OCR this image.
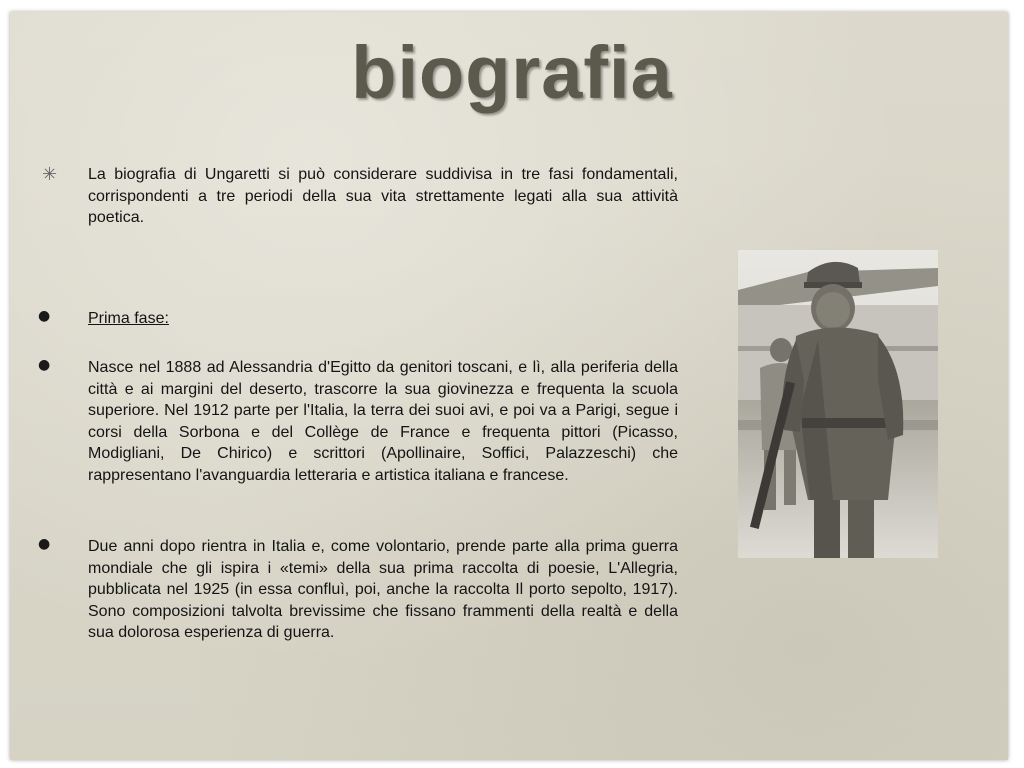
biografia
✳ La biografia di Ungaretti si può considerare suddivisa in tre fasi fondamentali, corrispondenti a tre periodi della sua vita strettamente legati alla sua attività poetica.

● Prima fase:

● Nasce nel 1888 ad Alessandria d'Egitto da genitori toscani, e lì, alla periferia della città e ai margini del deserto, trascorre la sua giovinezza e frequenta la scuola superiore. Nel 1912 parte per l'Italia, la terra dei suoi avi, e poi va a Parigi, segue i corsi della Sorbona e del Collège de France e frequenta pittori (Picasso, Modigliani, De Chirico) e scrittori (Apollinaire, Soffici, Palazzeschi) che rappresentano l'avanguardia letteraria e artistica italiana e francese.

● Due anni dopo rientra in Italia e, come volontario, prende parte alla prima guerra mondiale che gli ispira i «temi» della sua prima raccolta di poesie, L'Allegria, pubblicata nel 1925 (in essa confluì, poi, anche la raccolta Il porto sepolto, 1917). Sono composizioni talvolta brevissime che fissano frammenti della realtà e della sua dolorosa esperienza di guerra.
